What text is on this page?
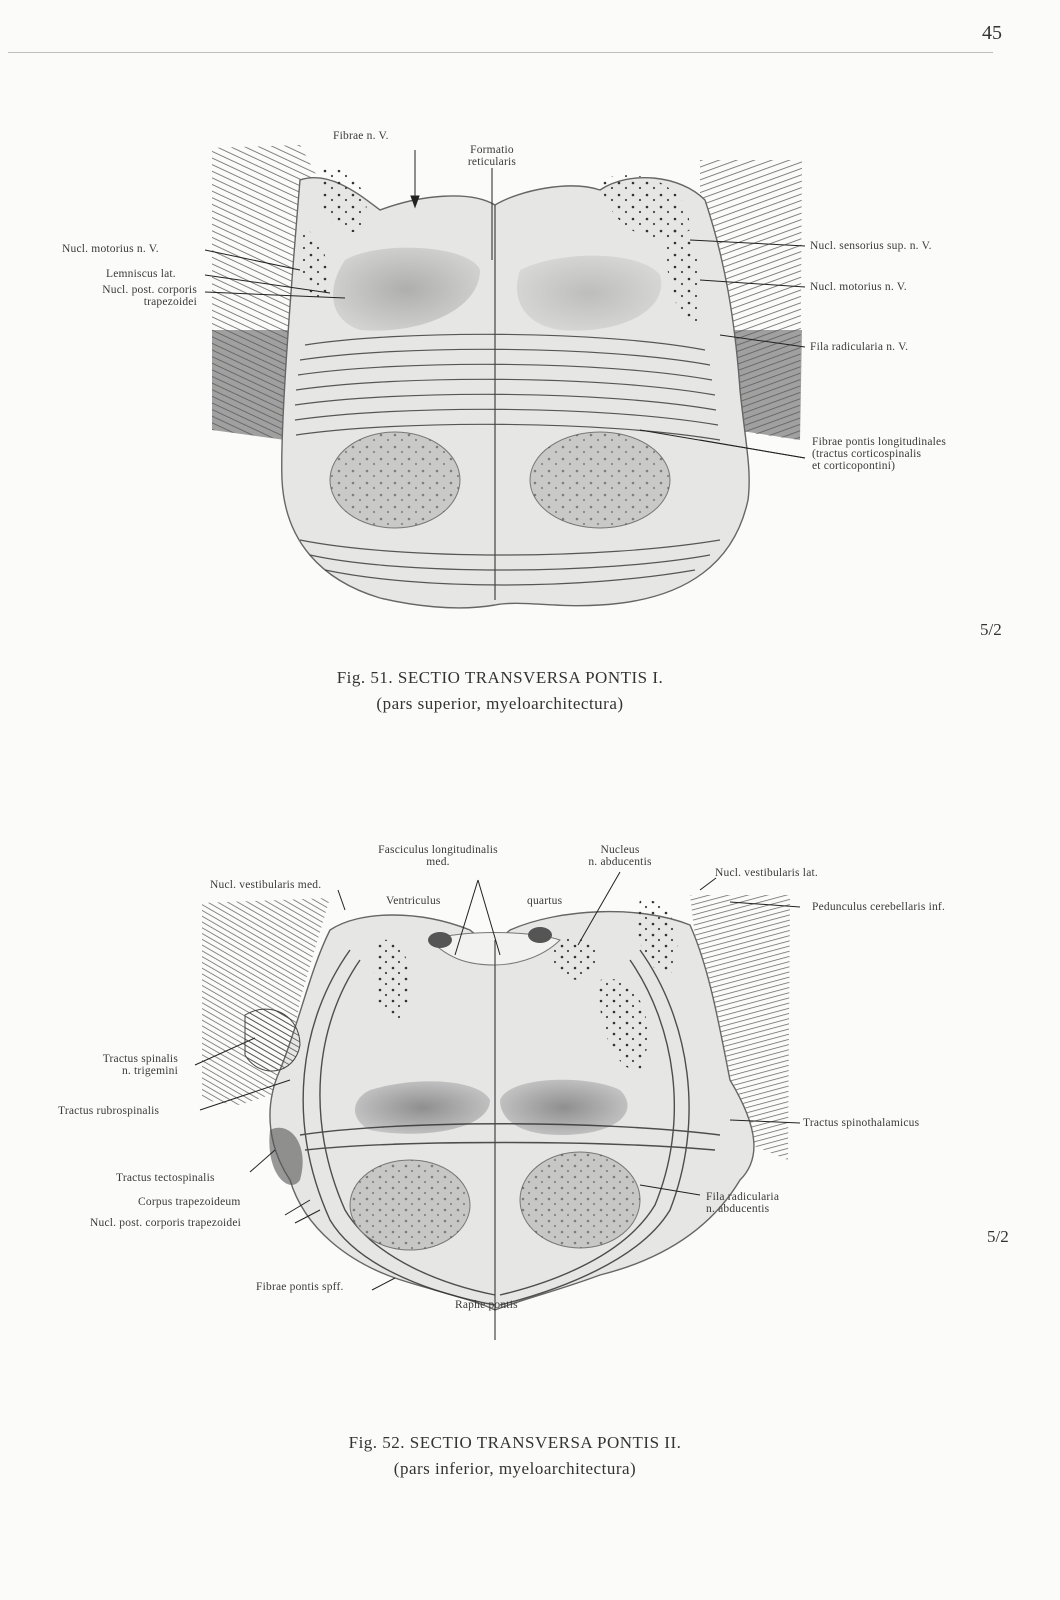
45
Fibrae n. V.
Formatio
reticularis
Nucl. motorius n. V.
Lemniscus lat.
Nucl. post. corporis
trapezoidei
Nucl. sensorius sup. n. V.
Nucl. motorius n. V.
Fila radicularia n. V.
Fibrae pontis longitudinales
(tractus corticospinalis
et corticopontini)
5/2
Fig. 51. SECTIO TRANSVERSA PONTIS I.
(pars superior, myeloarchitectura)
Fasciculus longitudinalis
med.
Nucleus
n. abducentis
Nucl. vestibularis med.
Ventriculus	quartus
Nucl. vestibularis lat.
Pedunculus cerebellaris inf.
Tractus spinalis
n. trigemini
Tractus rubrospinalis
Tractus spinothalamicus
Tractus tectospinalis
Corpus trapezoideum
Nucl. post. corporis trapezoidei
Fila radicularia
n. abducentis
Fibrae pontis spff.
Raphe pontis
5/2
Fig. 52. SECTIO TRANSVERSA PONTIS II.
(pars inferior, myeloarchitectura)
